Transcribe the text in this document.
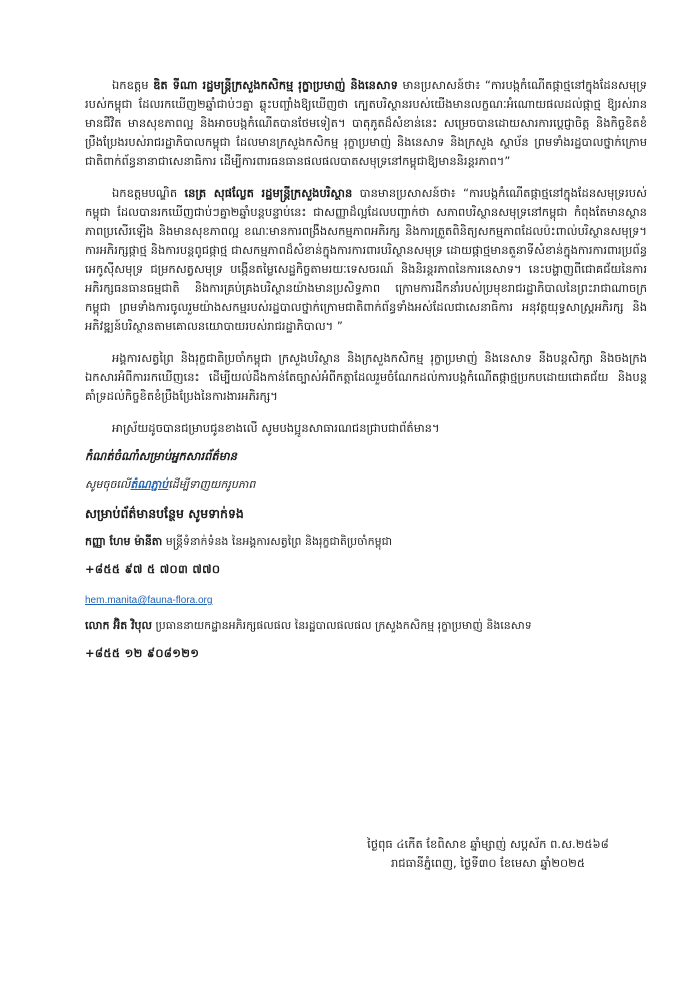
ឯកឧត្តម ឌិត ទីណា រដ្ឋមន្ត្រីក្រសួងកសិកម្ម រុក្ខាប្រមាញ់ និងនេសាទ មានប្រសាសន៍ថា៖ “ការបង្កកំណើតផ្កាថ្មនៅក្នុងដែនសមុទ្ររបស់កម្ពុជា ដែលរកឃើញ២ឆ្នាំជាប់ៗគ្នា ឆ្លុះបញ្ចាំងឱ្យឃើញថា ក្បេតបរិស្ថានរបស់យើងមានលក្ខណៈអំណោយផលដល់ផ្កាថ្ម ឱ្យរស់រានមានជីវិត មានសុខភាពល្អ និងអាចបង្កកំណើតបានថែមទៀត។ បាតុភូតដ៏សំខាន់នេះ សម្រេចបានដោយសារការប្តេជ្ញាចិត្ត និងកិច្ចខិតខំប្រឹងប្រែងរបស់រាជរដ្ឋាភិបាលកម្ពុជា ដែលមានក្រសួងកសិកម្ម រុក្ខាប្រមាញ់ និងនេសាទ និងក្រសួង ស្ថាប័ន ព្រមទាំងរដ្ឋបាលថ្នាក់ក្រោមជាតិពាក់ព័ន្ធនានាជាសេនាធិការ ដើម្បីការពារធនធានផលផលបាតសមុទ្រនៅកម្ពុជាឱ្យមាននិរន្តរភាព។”

ឯកឧត្តមបណ្ឌិត នេត្រ សុផល្លែត រដ្ឋមន្ត្រីក្រសួងបរិស្ថាន បានមានប្រសាសន៍ថា៖ “ការបង្កកំណើតផ្កាថ្មនៅក្នុងដែនសមុទ្ររបស់កម្ពុជា ដែលបានរកឃើញជាប់ៗគ្នា២ឆ្នាំបន្តបន្ទាប់នេះ ជាសញ្ញាដ៏ល្អដែលបញ្ជាក់ថា សភាពបរិស្ថានសមុទ្រនៅកម្ពុជា កំពុងតែមានស្ថានភាពប្រសើរឡើង និងមានសុខភាពល្អ ខណៈមានការពង្រឹងសកម្មភាពអភិរក្ស និងការត្រួតពិនិត្យសកម្មភាពដែលប៉ះពាល់បរិស្ថានសមុទ្រ។ ការអភិរក្សផ្កាថ្ម និងការបន្តពូជផ្កាថ្ម ជាសកម្មភាពដ៏សំខាន់ក្នុងការការពារបរិស្ថានសមុទ្រ ដោយផ្កាថ្មមានតួនាទីសំខាន់ក្នុងការការពារប្រព័ន្ធអេកូស៊ីសមុទ្រ ជម្រកសត្វសមុទ្រ បង្កើនតម្លៃសេដ្ឋកិច្ចតាមរយៈទេសចរណ៍ និងនិរន្តរភាពនៃការនេសាទ។ នេះបង្ហាញពីជោគជ័យនៃការអភិរក្សធនធានធម្មជាតិ និងការគ្រប់គ្រងបរិស្ថានយ៉ាងមានប្រសិទ្ធភាព ក្រោមការដឹកនាំរបស់ប្រមុខរាជរដ្ឋាភិបាលនៃព្រះរាជាណាចក្រកម្ពុជា ព្រមទាំងការចូលរួមយ៉ាងសកម្មរបស់រដ្ឋបាលថ្នាក់ក្រោមជាតិពាក់ព័ន្ធទាំងអស់ដែលជាសេនាធិការ អនុវត្តយុទ្ធសាស្ត្រអភិរក្ស និងអភិវឌ្ឍន៍បរិស្ថានតាមគោលនយោបាយរបស់រាជរដ្ឋាភិបាល។ ”

អង្គការសត្វព្រៃ និងរុក្ខជាតិប្រចាំកម្ពុជា ក្រសួងបរិស្ថាន និងក្រសួងកសិកម្ម រុក្ខាប្រមាញ់ និងនេសាទ នឹងបន្តសិក្សា និងចងក្រងឯកសារអំពីការរកឃើញនេះ ដើម្បីយល់ដឹងកាន់តែច្បាស់អំពីកត្តាដែលរួមចំណែកដល់ការបង្កកំណើតផ្កាថ្មប្រកបដោយជោគជ័យ និងបន្តគាំទ្រដល់កិច្ចខិតខំប្រឹងប្រែងនៃការងារអភិរក្ស។

អាស្រ័យដូចបានជម្រាបជូនខាងលើ សូមបងប្អូនសាធារណជនជ្រាបជាព័ត៌មាន។

កំណត់ចំណាំសម្រាប់អ្នកសារព័ត៌មាន
សូមចុចលើតំណភ្ជាប់ដើម្បីទាញយករូបភាព
សម្រាប់ព័ត៌មានបន្ថែម សូមទាក់ទង
កញ្ញា ហែម ម៉ានីតា មន្ត្រីទំនាក់ទំនង នៃអង្គការសត្វព្រៃ និងរុក្ខជាតិប្រចាំកម្ពុជា
+៨៥៥ ៩៧ ៥ ៧០៣ ៧៧០
hem.manita@fauna-flora.org
លោក អ៊ិត វិបុល ប្រធាននាយកដ្ឋានអភិរក្សផលផល នៃរដ្ឋបាលផលផល ក្រសួងកសិកម្ម រុក្ខាប្រមាញ់ និងនេសាទ
+៨៥៥ ១២ ៩០៨១២១
ថ្ងៃពុធ ៤កើត ខែពិសាខ ឆ្នាំម្សាញ់ សប្តស័ក ព.ស.២៥៦៨
រាជធានីភ្នំពេញ, ថ្ងៃទី៣០ ខែមេសា ឆ្នាំ២០២៥
